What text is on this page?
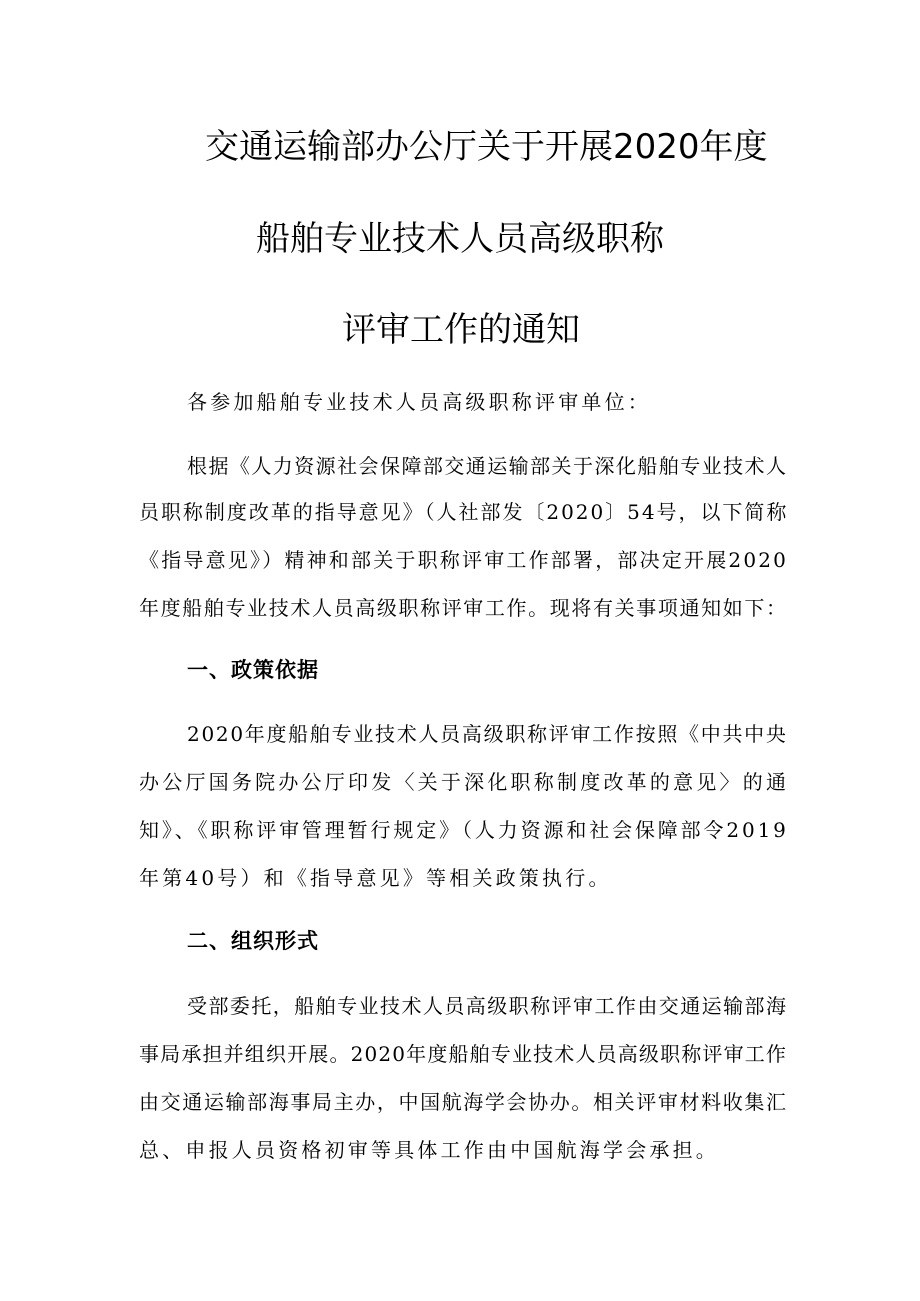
交通运输部办公厅关于开展2020年度
船舶专业技术人员高级职称
评审工作的通知
各参加船舶专业技术人员高级职称评审单位：
根据《人力资源社会保障部交通运输部关于深化船舶专业技术人
员职称制度改革的指导意见》（人社部发〔2020〕54号，以下简称
《指导意见》）精神和部关于职称评审工作部署，部决定开展2020
年度船舶专业技术人员高级职称评审工作。现将有关事项通知如下：
一、政策依据
2020年度船舶专业技术人员高级职称评审工作按照《中共中央
办公厅国务院办公厅印发〈关于深化职称制度改革的意见〉的通
知》、《职称评审管理暂行规定》（人力资源和社会保障部令2019
年第40号）和《指导意见》等相关政策执行。
二、组织形式
受部委托，船舶专业技术人员高级职称评审工作由交通运输部海
事局承担并组织开展。2020年度船舶专业技术人员高级职称评审工作
由交通运输部海事局主办，中国航海学会协办。相关评审材料收集汇
总、申报人员资格初审等具体工作由中国航海学会承担。
